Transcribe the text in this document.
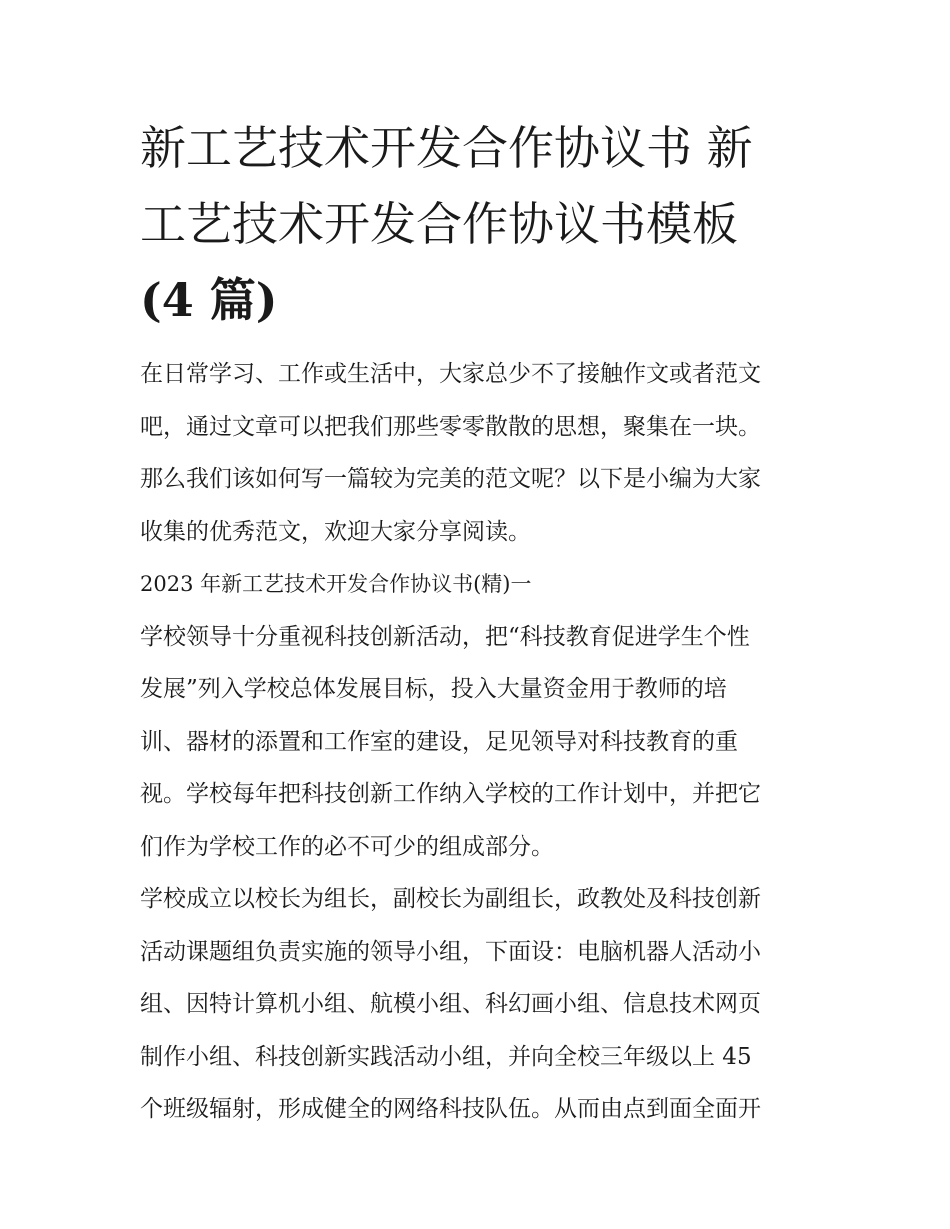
新工艺技术开发合作协议书 新
工艺技术开发合作协议书模板
(4 篇)

在日常学习、工作或生活中，大家总少不了接触作文或者范文
吧，通过文章可以把我们那些零零散散的思想，聚集在一块。
那么我们该如何写一篇较为完美的范文呢？以下是小编为大家
收集的优秀范文，欢迎大家分享阅读。

2023 年新工艺技术开发合作协议书(精)一

学校领导十分重视科技创新活动，把“科技教育促进学生个性
发展”列入学校总体发展目标，投入大量资金用于教师的培
训、器材的添置和工作室的建设，足见领导对科技教育的重
视。学校每年把科技创新工作纳入学校的工作计划中，并把它
们作为学校工作的必不可少的组成部分。

学校成立以校长为组长，副校长为副组长，政教处及科技创新
活动课题组负责实施的领导小组，下面设：电脑机器人活动小
组、因特计算机小组、航模小组、科幻画小组、信息技术网页
制作小组、科技创新实践活动小组，并向全校三年级以上 45
个班级辐射，形成健全的网络科技队伍。从而由点到面全面开
